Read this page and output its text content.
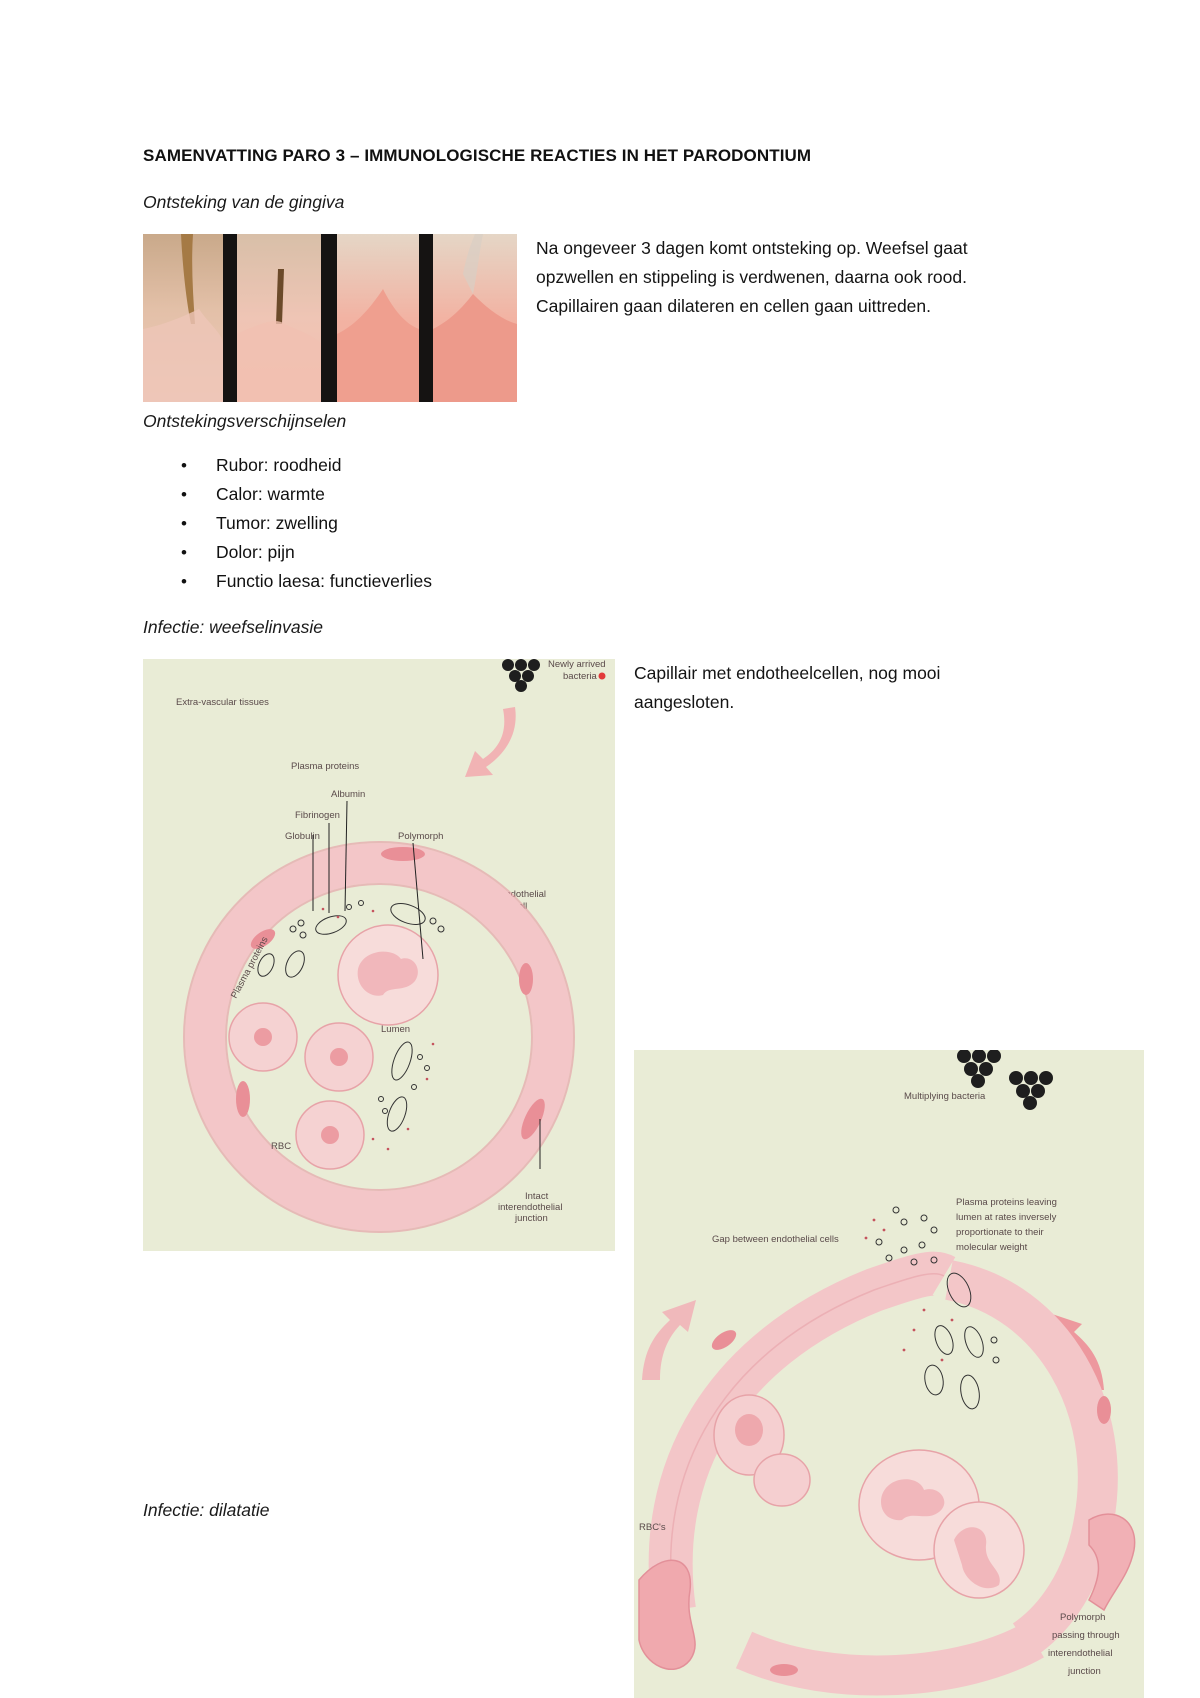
SAMENVATTING PARO 3 – IMMUNOLOGISCHE REACTIES IN HET PARODONTIUM
Ontsteking van de gingiva
Na ongeveer 3 dagen komt ontsteking op. Weefsel gaat
opzwellen en stippeling is verdwenen, daarna ook rood.
Capillairen gaan dilateren en cellen gaan uittreden.
Ontstekingsverschijnselen
• Rubor: roodheid
• Calor: warmte
• Tumor: zwelling
• Dolor: pijn
• Functio laesa: functieverlies
Infectie: weefselinvasie
Newly arrived
bacteria
Extra-vascular tissues
Plasma proteins
Albumin
Fibrinogen
Globulin	Polymorph
Endothelial
cell
Plasma proteins
Lumen
RBC
Intact
interendothelial
junction
Capillair met endotheelcellen, nog mooi
aangesloten.
Infectie: dilatatie
Multiplying bacteria
Plasma proteins leaving
lumen at rates inversely
proportionate to their
molecular weight
Gap between endothelial cells
RBC's
Polymorph
passing through
interendothelial
junction
